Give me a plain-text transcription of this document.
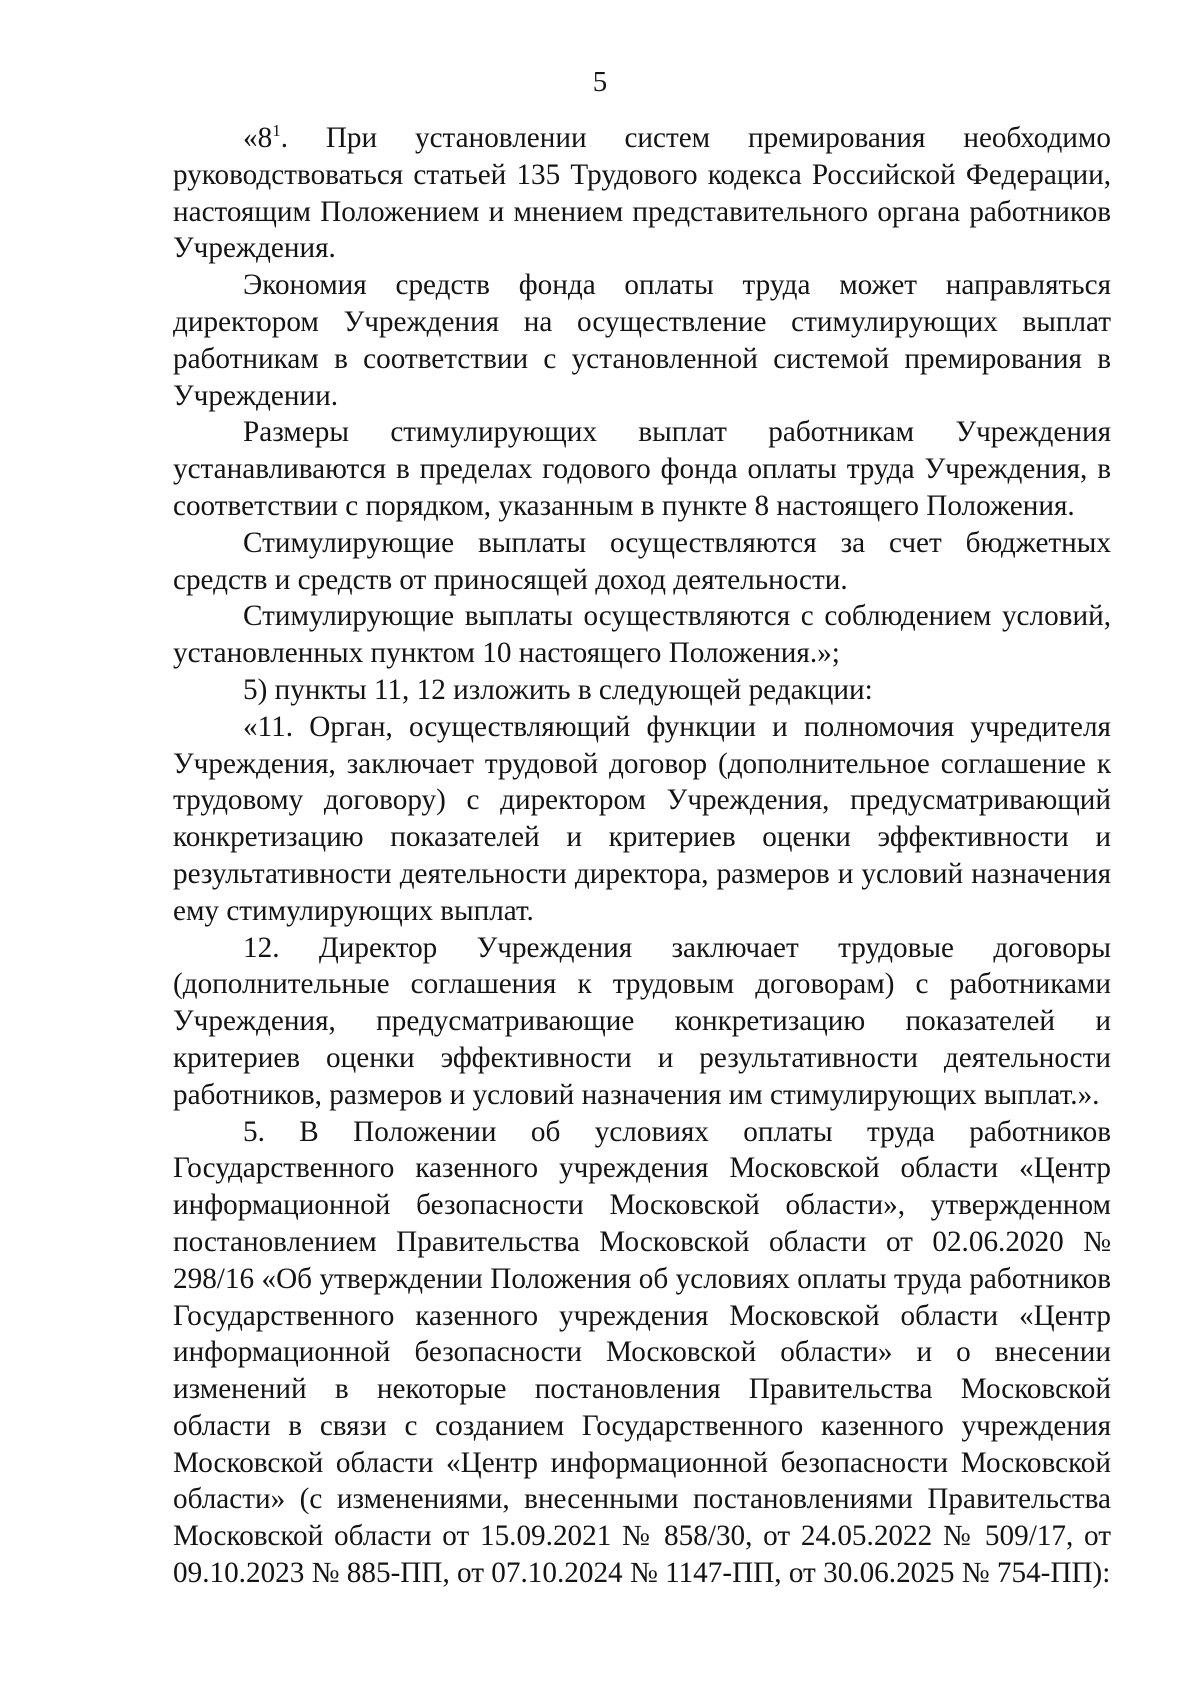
5

«$8^1$. При установлении систем премирования необходимо руководствоваться статьей 135 Трудового кодекса Российской Федерации, настоящим Положением и мнением представительного органа работников Учреждения.

Экономия средств фонда оплаты труда может направляться директором Учреждения на осуществление стимулирующих выплат работникам в соответствии с установленной системой премирования в Учреждении.

Размеры стимулирующих выплат работникам Учреждения устанавливаются в пределах годового фонда оплаты труда Учреждения, в соответствии с порядком, указанным в пункте 8 настоящего Положения.

Стимулирующие выплаты осуществляются за счет бюджетных средств и средств от приносящей доход деятельности.

Стимулирующие выплаты осуществляются с соблюдением условий, установленных пунктом 10 настоящего Положения.»;

5) пункты 11, 12 изложить в следующей редакции:

«11. Орган, осуществляющий функции и полномочия учредителя Учреждения, заключает трудовой договор (дополнительное соглашение к трудовому договору) с директором Учреждения, предусматривающий конкретизацию показателей и критериев оценки эффективности и результативности деятельности директора, размеров и условий назначения ему стимулирующих выплат.

12. Директор Учреждения заключает трудовые договоры (дополнительные соглашения к трудовым договорам) с работниками Учреждения, предусматривающие конкретизацию показателей и критериев оценки эффективности и результативности деятельности работников, размеров и условий назначения им стимулирующих выплат.».

5. В Положении об условиях оплаты труда работников Государственного казенного учреждения Московской области «Центр информационной безопасности Московской области», утвержденном постановлением Правительства Московской области от 02.06.2020 № 298/16 «Об утверждении Положения об условиях оплаты труда работников Государственного казенного учреждения Московской области «Центр информационной безопасности Московской области» и о внесении изменений в некоторые постановления Правительства Московской области в связи с созданием Государственного казенного учреждения Московской области «Центр информационной безопасности Московской области» (с изменениями, внесенными постановлениями Правительства Московской области от 15.09.2021 № 858/30, от 24.05.2022 № 509/17, от 09.10.2023 № 885-ПП, от 07.10.2024 № 1147-ПП, от 30.06.2025 № 754-ПП):
